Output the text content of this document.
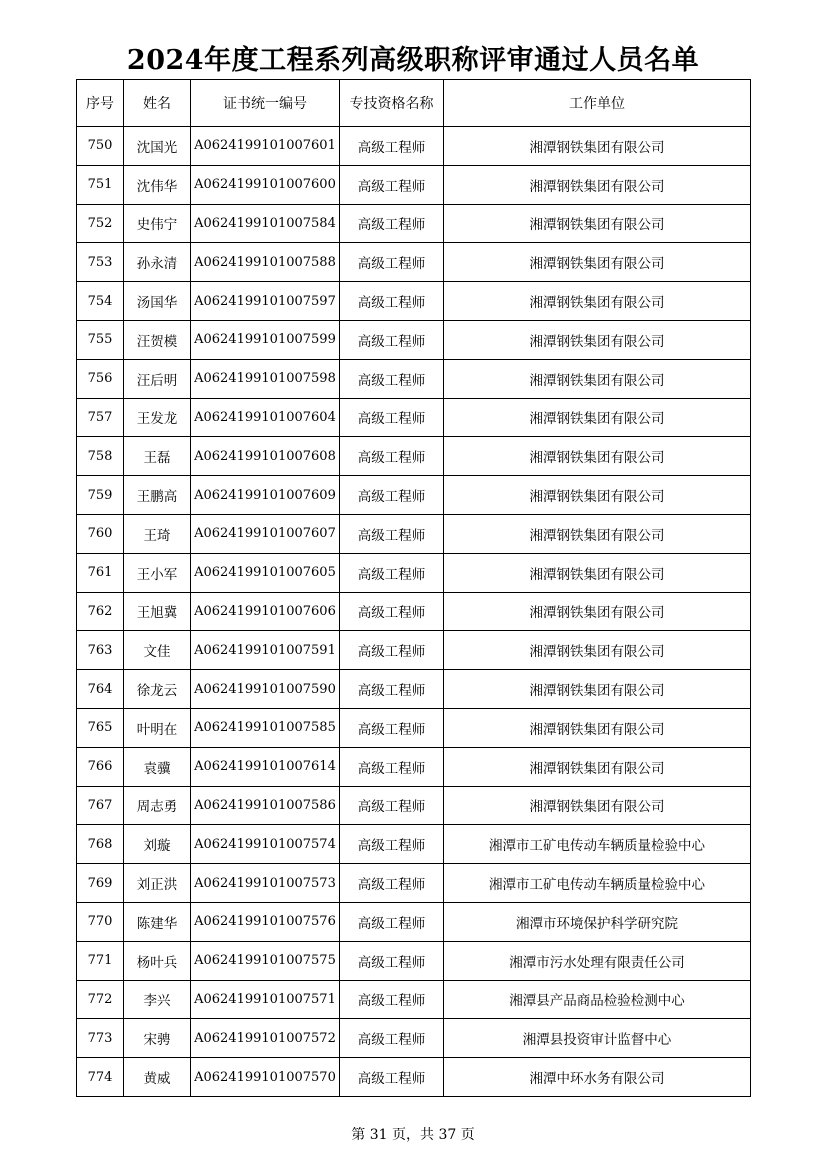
2024年度工程系列高级职称评审通过人员名单
序号	姓名	证书统一编号	专技资格名称	工作单位
750	沈国光	A0624199101007601	高级工程师	湘潭钢铁集团有限公司
751	沈伟华	A0624199101007600	高级工程师	湘潭钢铁集团有限公司
752	史伟宁	A0624199101007584	高级工程师	湘潭钢铁集团有限公司
753	孙永清	A0624199101007588	高级工程师	湘潭钢铁集团有限公司
754	汤国华	A0624199101007597	高级工程师	湘潭钢铁集团有限公司
755	汪贺模	A0624199101007599	高级工程师	湘潭钢铁集团有限公司
756	汪后明	A0624199101007598	高级工程师	湘潭钢铁集团有限公司
757	王发龙	A0624199101007604	高级工程师	湘潭钢铁集团有限公司
758	王磊	A0624199101007608	高级工程师	湘潭钢铁集团有限公司
759	王鹏高	A0624199101007609	高级工程师	湘潭钢铁集团有限公司
760	王琦	A0624199101007607	高级工程师	湘潭钢铁集团有限公司
761	王小军	A0624199101007605	高级工程师	湘潭钢铁集团有限公司
762	王旭冀	A0624199101007606	高级工程师	湘潭钢铁集团有限公司
763	文佳	A0624199101007591	高级工程师	湘潭钢铁集团有限公司
764	徐龙云	A0624199101007590	高级工程师	湘潭钢铁集团有限公司
765	叶明在	A0624199101007585	高级工程师	湘潭钢铁集团有限公司
766	袁骥	A0624199101007614	高级工程师	湘潭钢铁集团有限公司
767	周志勇	A0624199101007586	高级工程师	湘潭钢铁集团有限公司
768	刘璇	A0624199101007574	高级工程师	湘潭市工矿电传动车辆质量检验中心
769	刘正洪	A0624199101007573	高级工程师	湘潭市工矿电传动车辆质量检验中心
770	陈建华	A0624199101007576	高级工程师	湘潭市环境保护科学研究院
771	杨叶兵	A0624199101007575	高级工程师	湘潭市污水处理有限责任公司
772	李兴	A0624199101007571	高级工程师	湘潭县产品商品检验检测中心
773	宋骋	A0624199101007572	高级工程师	湘潭县投资审计监督中心
774	黄威	A0624199101007570	高级工程师	湘潭中环水务有限公司
第 31 页，共 37 页
